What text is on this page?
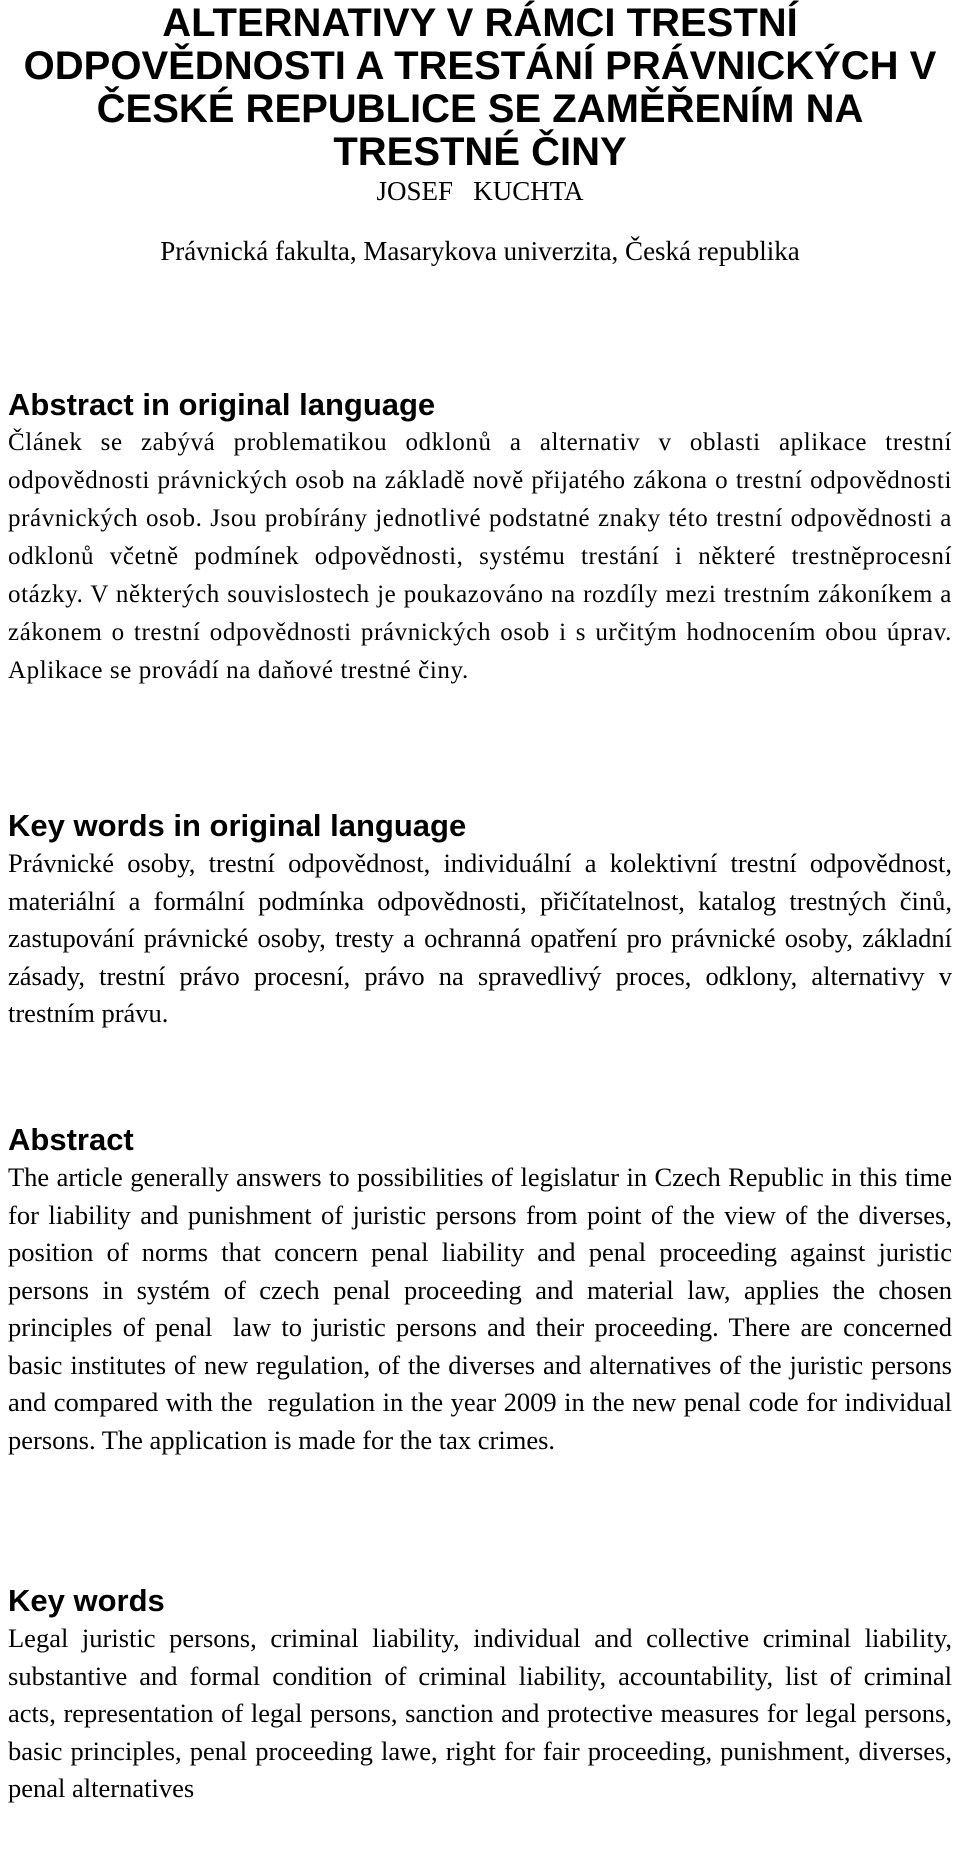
ALTERNATIVY V RÁMCI TRESTNÍ ODPOVĚDNOSTI A TRESTÁNÍ PRÁVNICKÝCH V ČESKÉ REPUBLICE SE ZAMĚŘENÍM NA TRESTNÉ ČINY

JOSEF   KUCHTA

Právnická fakulta, Masarykova univerzita, Česká republika

Abstract in original language

Článek se zabývá problematikou odklonů a alternativ v oblasti aplikace trestní odpovědnosti právnických osob na základě nově přijatého zákona o trestní odpovědnosti právnických osob. Jsou probírány jednotlivé podstatné znaky této trestní odpovědnosti a odklonů včetně podmínek odpovědnosti, systému trestání i některé trestněprocesní otázky. V některých souvislostech je poukazováno na rozdíly mezi trestním zákoníkem a zákonem o trestní odpovědnosti právnických osob i s určitým hodnocením obou úprav. Aplikace se provádí na daňové trestné činy.

Key words in original language

Právnické osoby, trestní odpovědnost, individuální a kolektivní trestní odpovědnost, materiální a formální podmínka odpovědnosti, přičítatelnost, katalog trestných činů, zastupování právnické osoby, tresty a ochranná opatření pro právnické osoby, základní zásady, trestní právo procesní, právo na spravedlivý proces, odklony, alternativy v trestním právu.

Abstract

The article generally answers to possibilities of legislatur in Czech Republic in this time for liability and punishment of juristic persons from point of the view of the diverses, position of norms that concern penal liability and penal proceeding against juristic persons in systém of czech penal proceeding and material law, applies the chosen principles of penal  law to juristic persons and their proceeding. There are concerned basic institutes of new regulation, of the diverses and alternatives of the juristic persons and compared with the  regulation in the year 2009 in the new penal code for individual persons. The application is made for the tax crimes.

Key words

Legal juristic persons, criminal liability, individual and collective criminal liability, substantive and formal condition of criminal liability, accountability, list of criminal acts, representation of legal persons, sanction and protective measures for legal persons, basic principles, penal proceeding lawe, right for fair proceeding, punishment, diverses, penal alternatives
